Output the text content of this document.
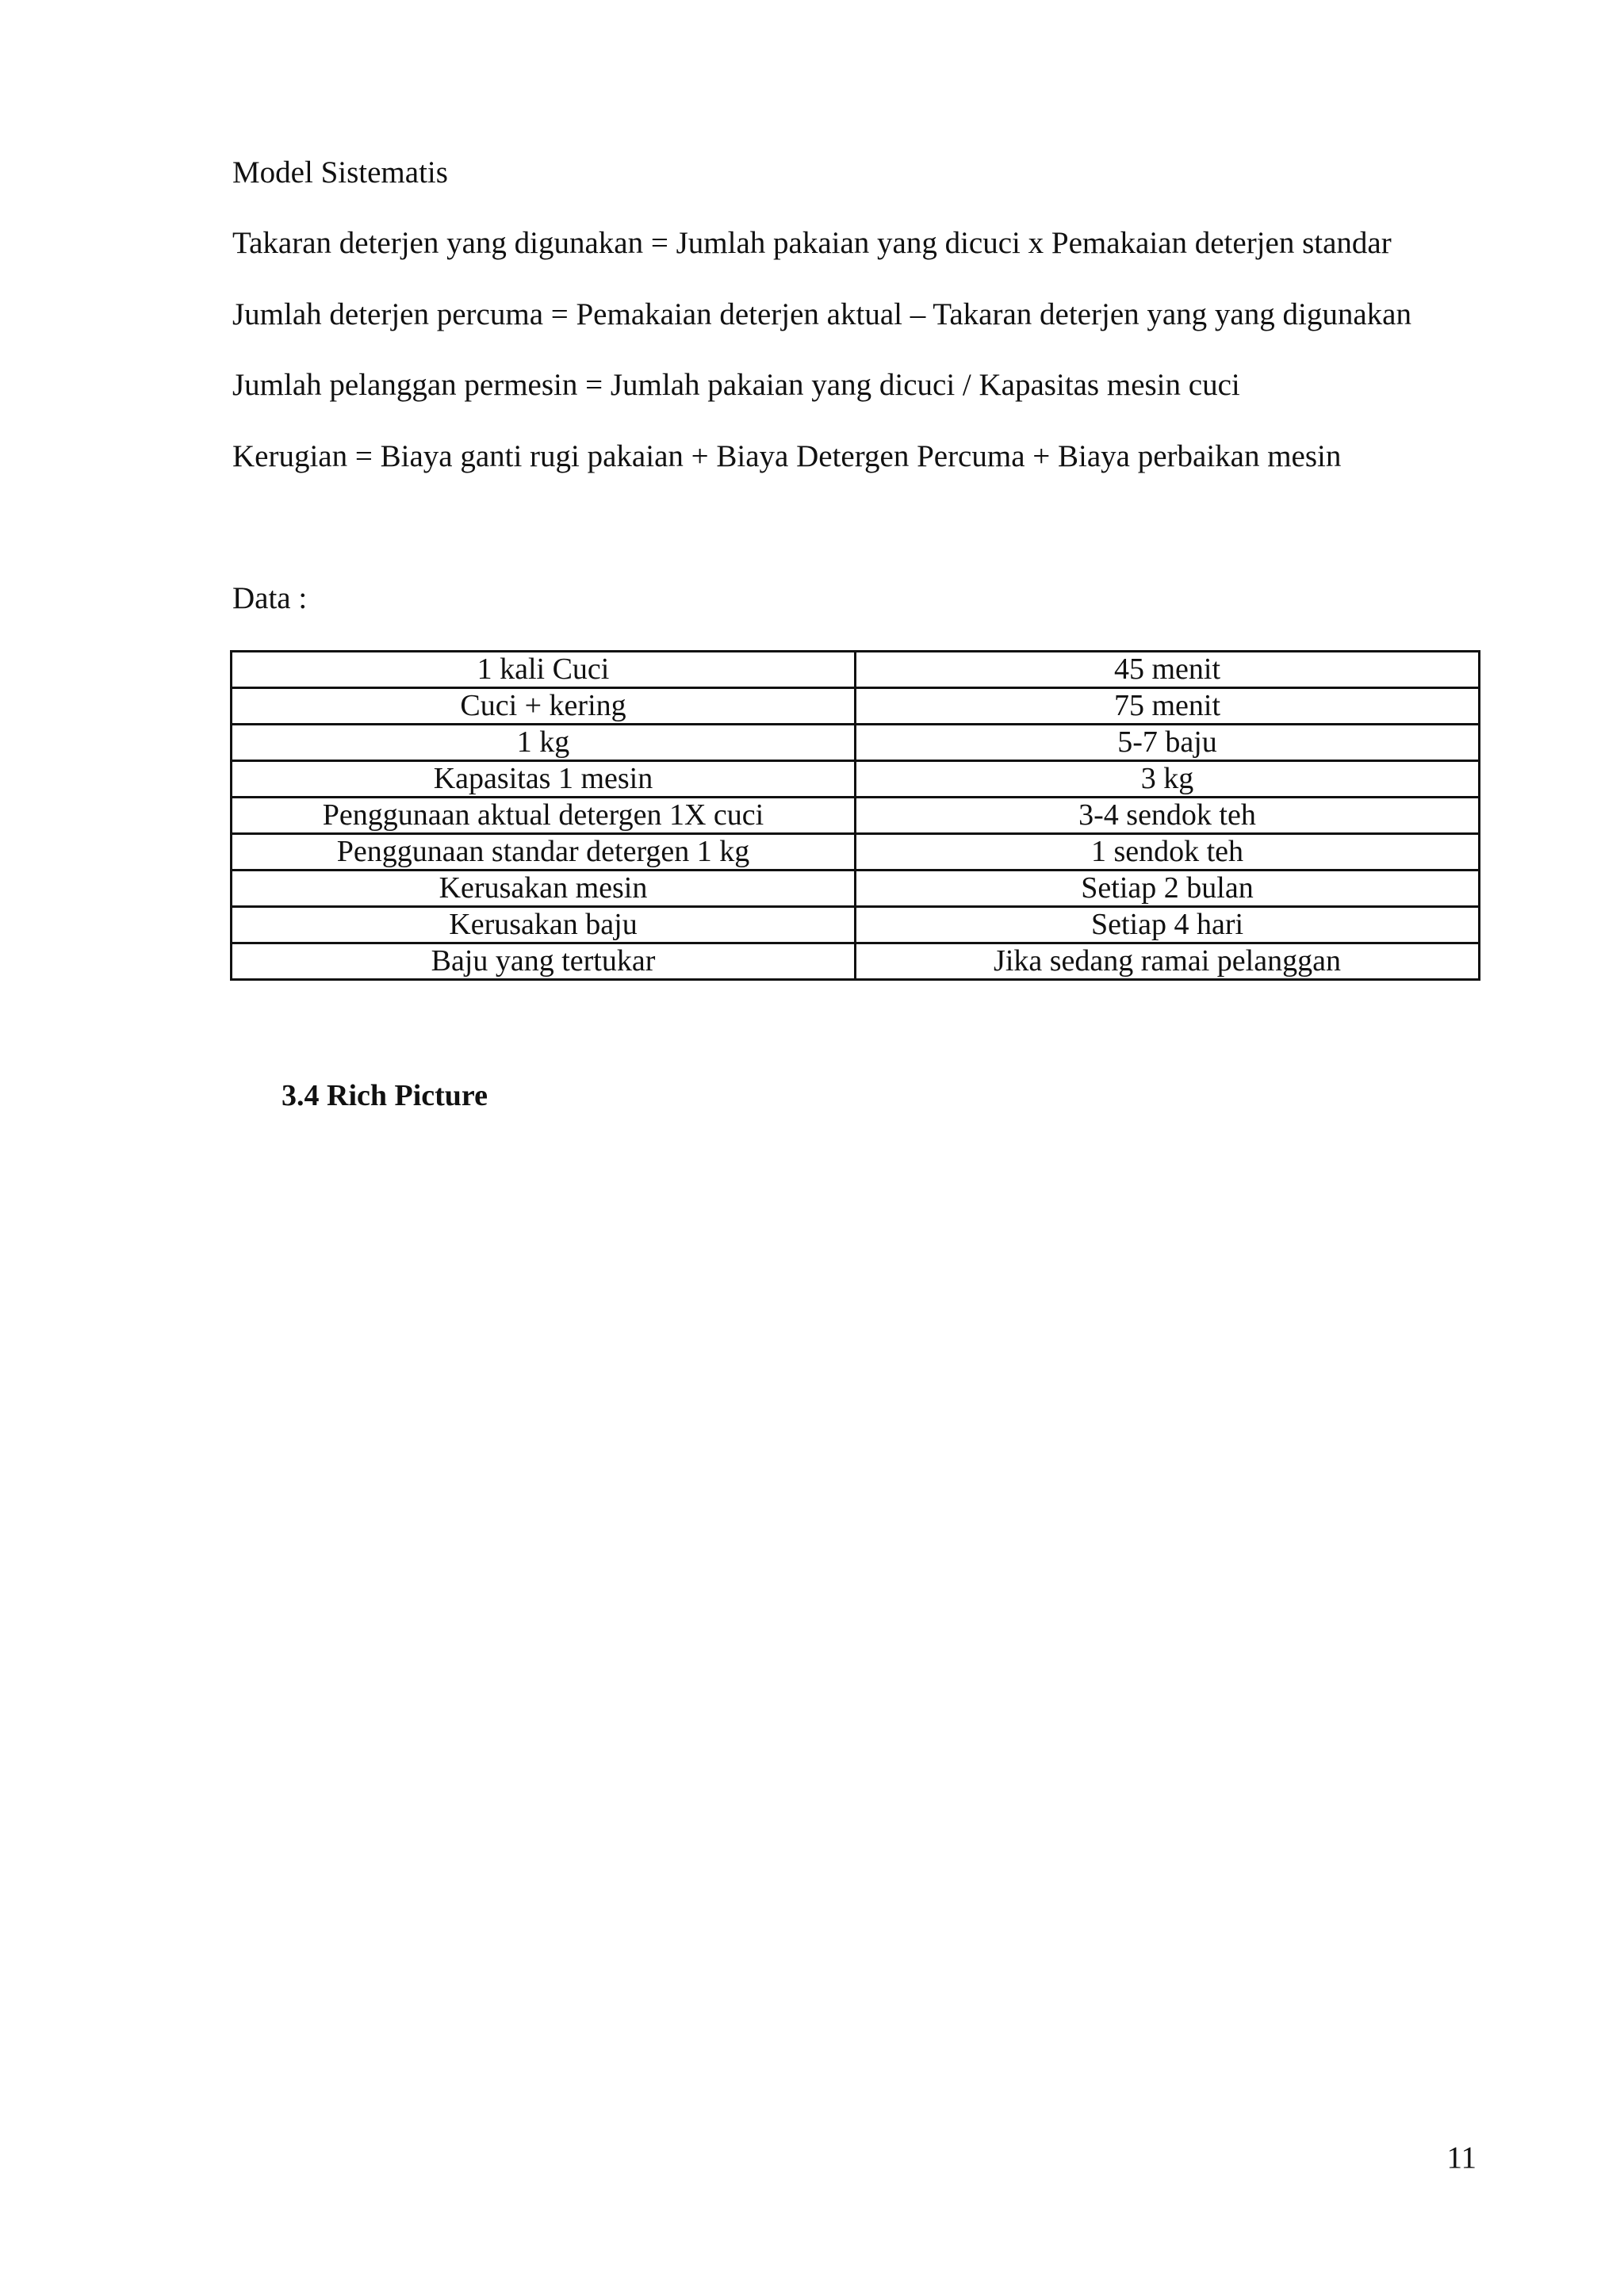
Model Sistematis
Takaran deterjen yang digunakan = Jumlah pakaian yang dicuci x Pemakaian deterjen standar
Jumlah deterjen percuma = Pemakaian deterjen aktual – Takaran deterjen yang yang digunakan
Jumlah pelanggan permesin = Jumlah pakaian yang dicuci / Kapasitas mesin cuci
Kerugian = Biaya ganti rugi pakaian + Biaya Detergen Percuma + Biaya perbaikan mesin
Data :
1 kali Cuci	45 menit
Cuci + kering	75 menit
1 kg	5-7 baju
Kapasitas 1 mesin	3 kg
Penggunaan aktual detergen 1X cuci	3-4 sendok teh
Penggunaan standar detergen 1 kg	1 sendok teh
Kerusakan mesin	Setiap 2 bulan
Kerusakan baju	Setiap 4 hari
Baju yang tertukar	Jika sedang ramai pelanggan
3.4 Rich Picture
11
